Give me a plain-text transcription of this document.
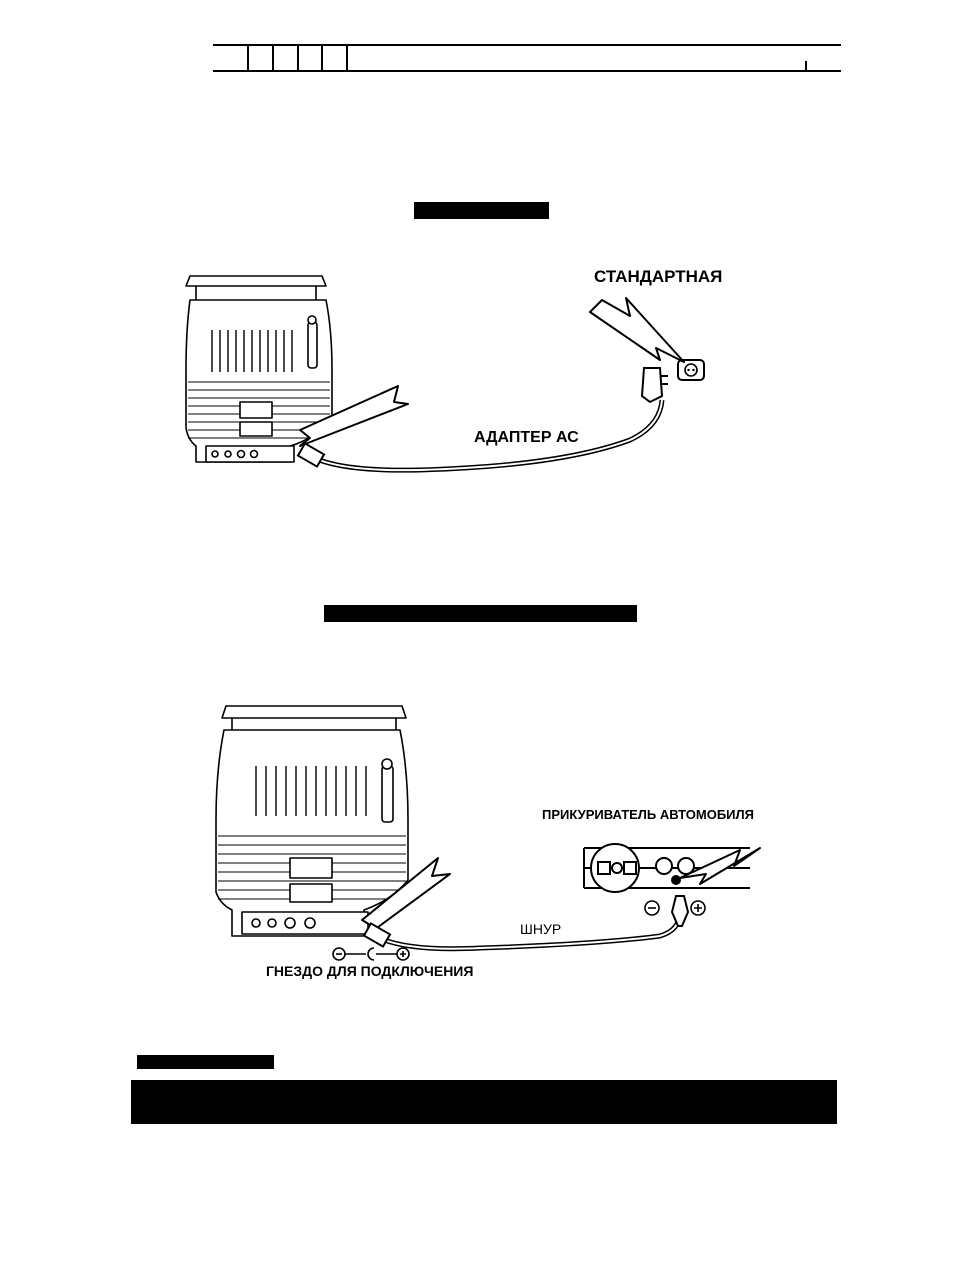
СТАНДАРТНАЯ
АДАПТЕР АС
ПРИКУРИВАТЕЛЬ АВТОМОБИЛЯ
ШНУР
ГНЕЗДО ДЛЯ ПОДКЛЮЧЕНИЯ
